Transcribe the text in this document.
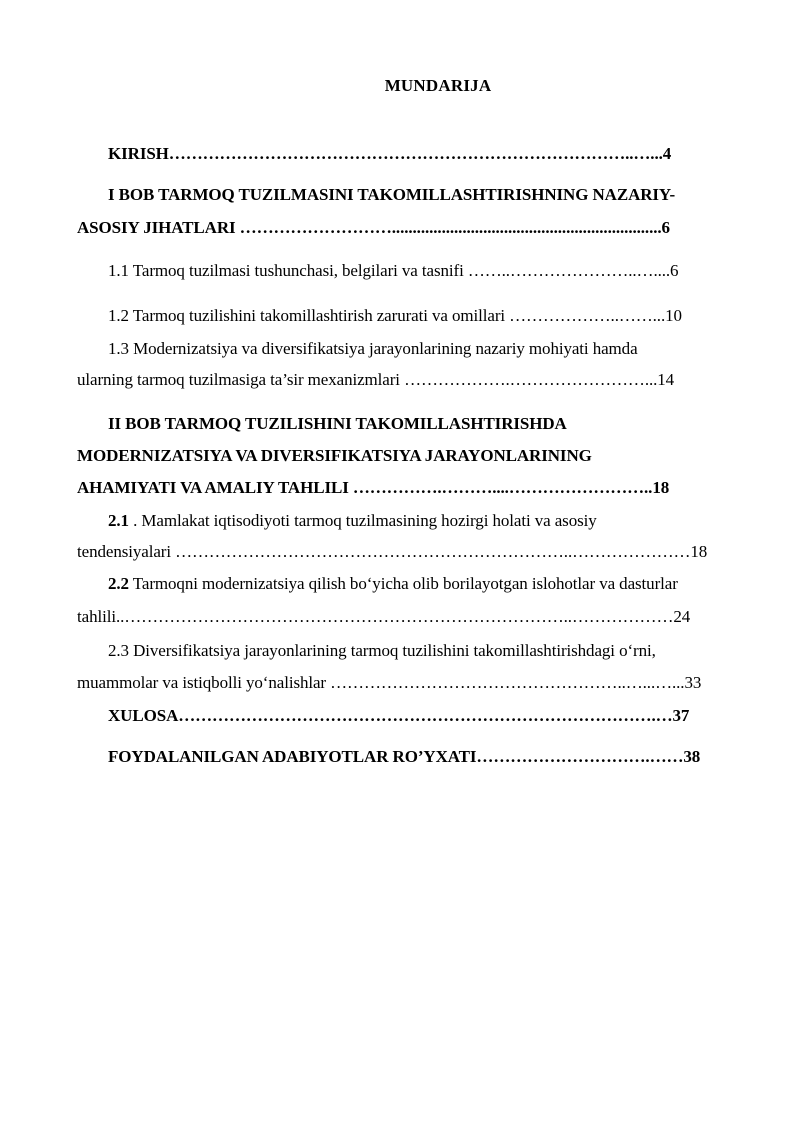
MUNDARIJA
KIRISH………………………………………………………………………..…...4
I BOB TARMOQ TUZILMASINI TAKOMILLASHTIRISHNING NAZARIY-
ASOSIY JIHATLARI ……………………….................................................................6
1.1 Tarmoq tuzilmasi tushunchasi, belgilari va tasnifi ……..…………………..…....6
1.2 Tarmoq tuzilishini takomillashtirish zarurati va omillari ………………..……...10
1.3 Modernizatsiya va diversifikatsiya jarayonlarining nazariy mohiyati hamda
ularning tarmoq tuzilmasiga ta’sir mexanizmlari ……………….……………………...14
II BOB TARMOQ TUZILISHINI TAKOMILLASHTIRISHDA
MODERNIZATSIYA VA DIVERSIFIKATSIYA JARAYONLARINING
AHAMIYATI VA AMALIY TAHLILI …………….………....……………………..18
2.1 . Mamlakat iqtisodiyoti tarmoq tuzilmasining hozirgi holati va asosiy
tendensiyalari ……………………………………………………………..…………………18
2.2 Tarmoqni modernizatsiya qilish bo‘yicha olib borilayotgan islohotlar va dasturlar
tahlili..……………………………………………………………………..………………24
2.3 Diversifikatsiya jarayonlarining tarmoq tuzilishini takomillashtirishdagi o‘rni,
muammolar va istiqbolli yo‘nalishlar ……………………………………………..…...…...33
XULOSA………………………………………………………………………….…37
FOYDALANILGAN ADABIYOTLAR RO’YXATI………………………….……38
